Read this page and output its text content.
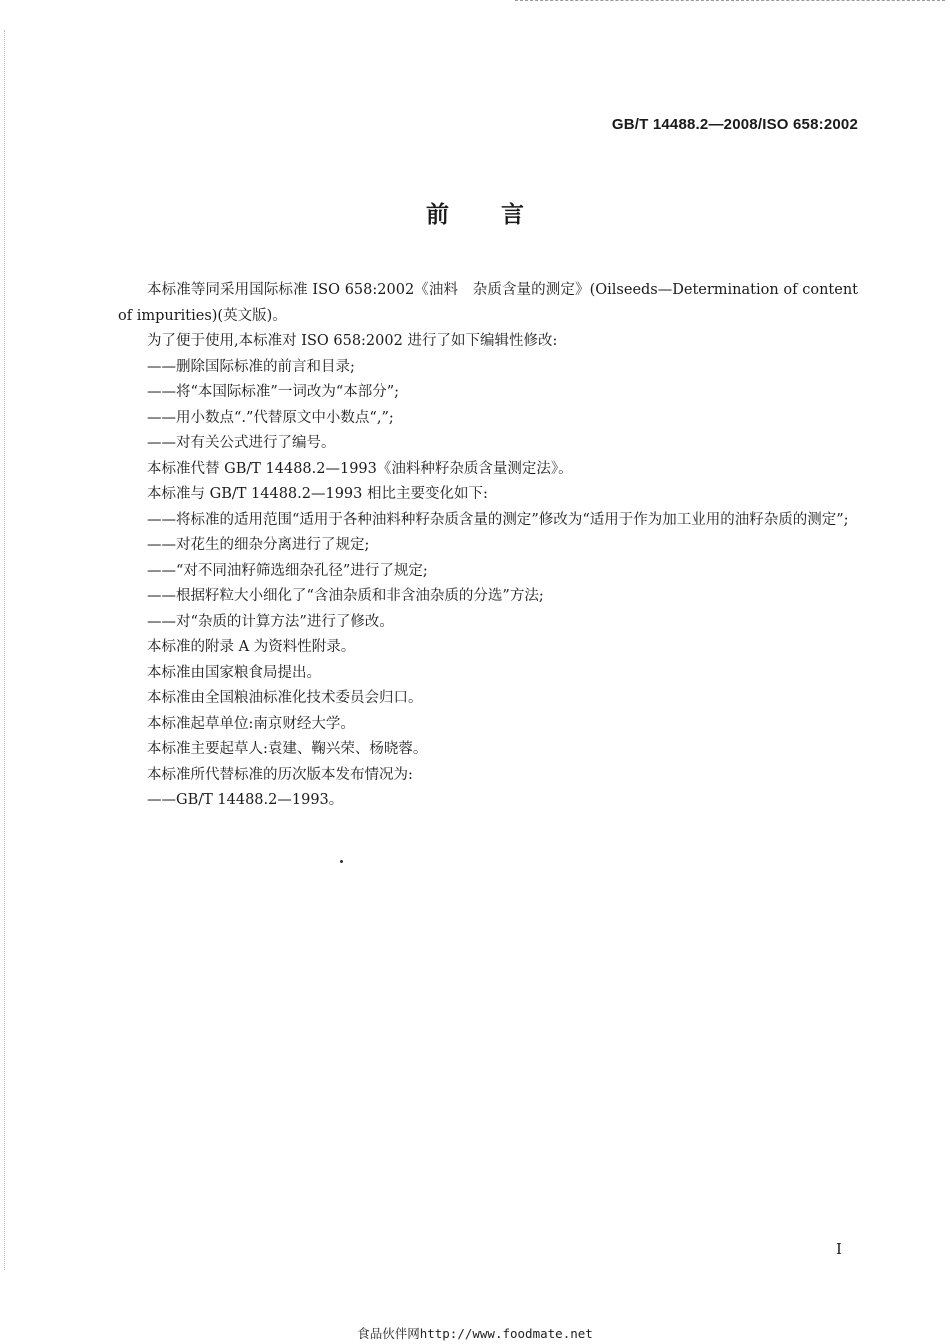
GB/T 14488.2—2008/ISO 658:2002
前言

本标准等同采用国际标准 ISO 658:2002《油料　杂质含量的测定》(Oilseeds—Determination of content of impurities)(英文版)。

为了便于使用,本标准对 ISO 658:2002 进行了如下编辑性修改:

——删除国际标准的前言和目录;

——将“本国际标准”一词改为“本部分”;

——用小数点“.”代替原文中小数点“,”;

——对有关公式进行了编号。

本标准代替 GB/T 14488.2—1993《油料种籽杂质含量测定法》。

本标准与 GB/T 14488.2—1993 相比主要变化如下:

——将标准的适用范围“适用于各种油料种籽杂质含量的测定”修改为“适用于作为加工业用的油籽杂质的测定”;

——对花生的细杂分离进行了规定;

——“对不同油籽筛选细杂孔径”进行了规定;

——根据籽粒大小细化了“含油杂质和非含油杂质的分选”方法;

——对“杂质的计算方法”进行了修改。

本标准的附录 A 为资料性附录。

本标准由国家粮食局提出。

本标准由全国粮油标准化技术委员会归口。

本标准起草单位:南京财经大学。

本标准主要起草人:袁建、鞠兴荣、杨晓蓉。

本标准所代替标准的历次版本发布情况为:

——GB/T 14488.2—1993。

I
食品伙伴网http://www.foodmate.net
